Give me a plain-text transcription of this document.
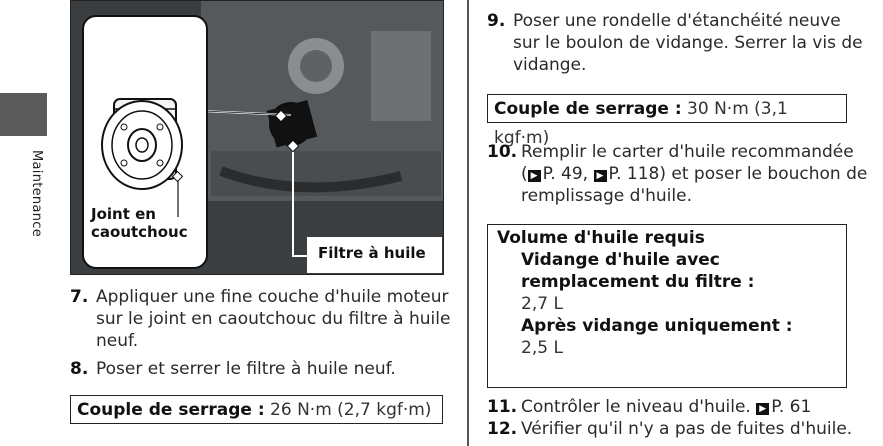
Maintenance	Joint en caoutchouc
Filtre à huile
7. Appliquer une fine couche d'huile moteur sur le joint en caoutchouc du filtre à huile neuf.
8. Poser et serrer le filtre à huile neuf.
Couple de serrage : 26 N·m (2,7 kgf·m)
9. Poser une rondelle d'étanchéité neuve sur le boulon de vidange. Serrer la vis de vidange.
Couple de serrage : 30 N·m (3,1 kgf·m)
10. Remplir le carter d'huile recommandée
( ▶ P. 49, ▶ P. 118) et poser le bouchon de remplissage d'huile.
Volume d'huile requis
Vidange d'huile avec remplacement du filtre :
2,7 L
Après vidange uniquement :
2,5 L
11. Contrôler le niveau d'huile. ▶ P. 61
12. Vérifier qu'il n'y a pas de fuites d'huile.
